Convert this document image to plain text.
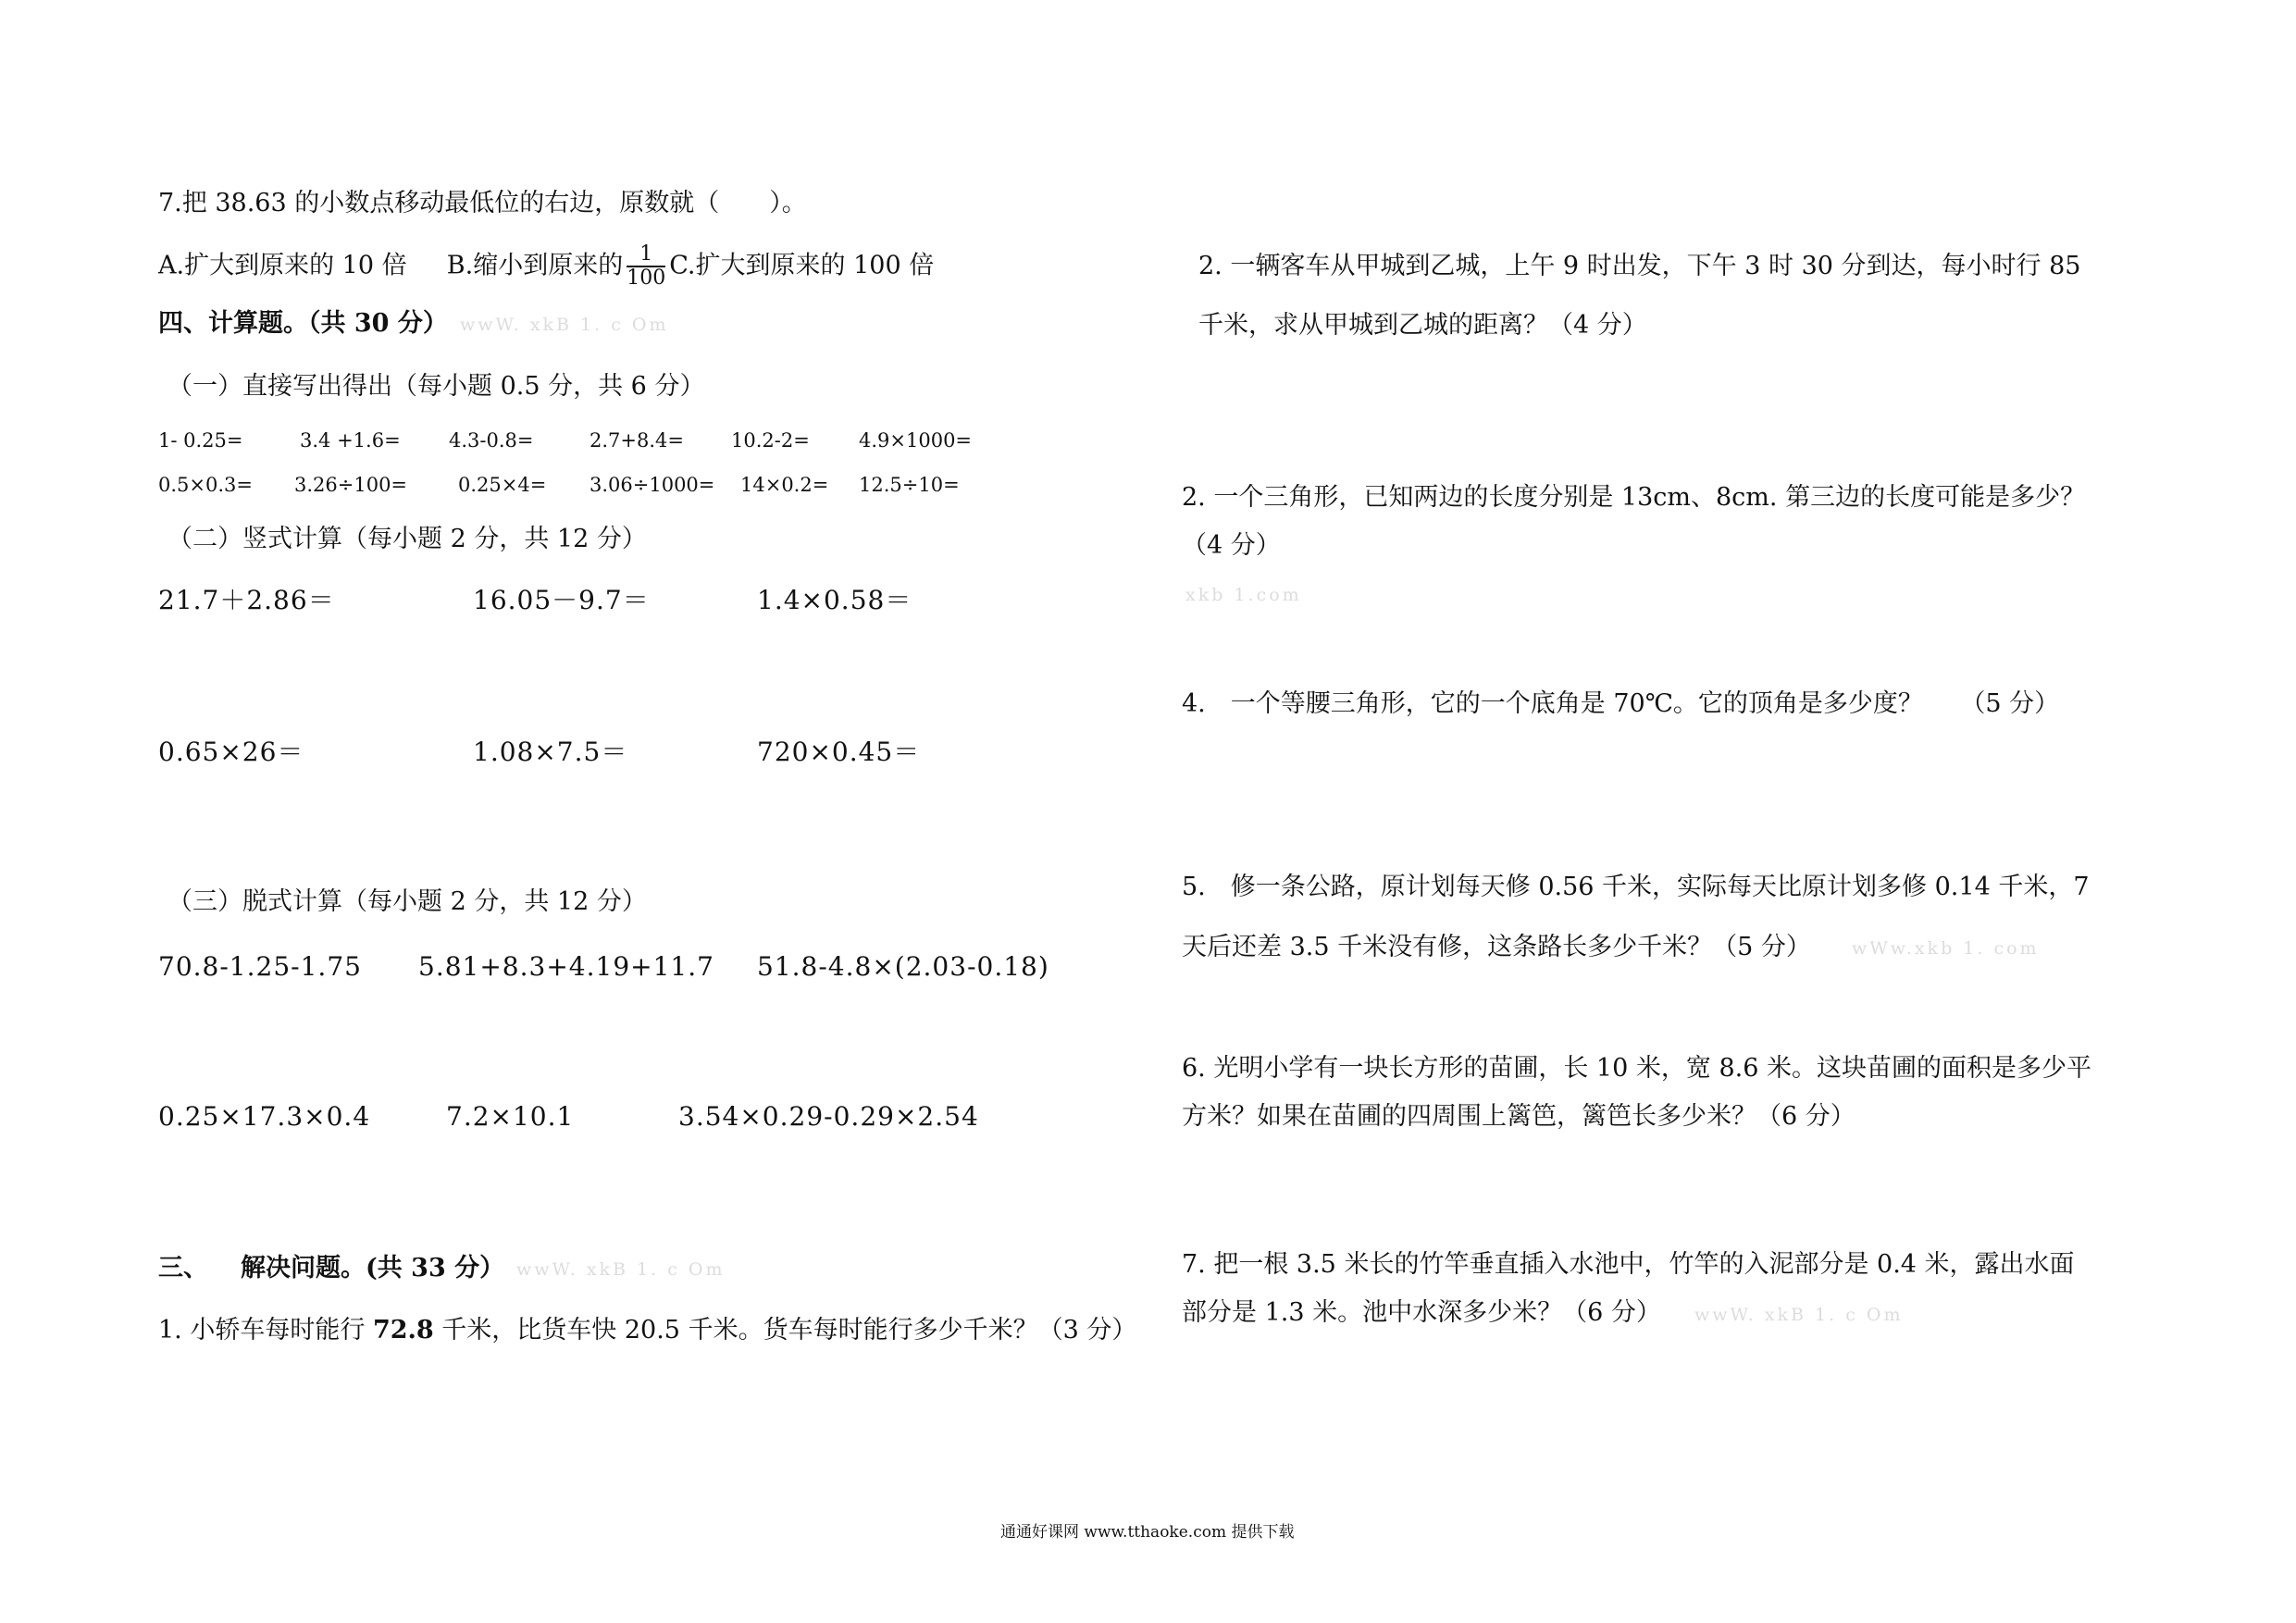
7.把 38.63 的小数点移动最低位的右边，原数就（　　）。
A.扩大到原来的 10 倍 B.缩小到原来的 $\frac{1}{100} C$.扩大到原来的 100 倍
四、计算题。（共 30 分） wwW. xkB 1. c Om
（一）直接写出得出（每小题 0.5 分，共 6 分）
1- 0.25=	3.4 +1.6= 4.3-0.8=	2.7+8.4= 10.2-2=	4.9×1000=
0.5×0.3= 3.26÷100=	0.25×4= 3.06÷1000= 14×0.2= 12.5÷10=
（二）竖式计算（每小题 2 分，共 12 分）
21.7＋2.86＝	16.05－9.7＝	1.4×0.58＝
0.65×26＝	1.08×7.5＝	720×0.45＝
（三）脱式计算（每小题 2 分，共 12 分）
70.8-1.25-1.75 5.81+8.3+4.19+11.7 51.8-4.8×(2.03-0.18)
0.25×17.3×0.4	7.2×10.1	3.54×0.29-0.29×2.54
三、 解决问题。(共 33 分） wwW. xkB 1. c Om
1. 小轿车每时能行 72.8 千米，比货车快 20.5 千米。货车每时能行多少千米？（3 分）
2. 一辆客车从甲城到乙城，上午 9 时出发，下午 3 时 30 分到达，每小时行 85
千米，求从甲城到乙城的距离？（4 分）
2. 一个三角形，已知两边的长度分别是 13cm、8cm. 第三边的长度可能是多少？
（4 分）
xkb 1.com
4.　一个等腰三角形，它的一个底角是 70℃。它的顶角是多少度？　　（5 分）
5.　修一条公路，原计划每天修 0.56 千米，实际每天比原计划多修 0.14 千米，7
天后还差 3.5 千米没有修，这条路长多少千米？（5 分） wWw.xkb 1. com
6. 光明小学有一块长方形的苗圃，长 10 米，宽 8.6 米。这块苗圃的面积是多少平
方米？如果在苗圃的四周围上篱笆，篱笆长多少米？（6 分）
7. 把一根 3.5 米长的竹竿垂直插入水池中，竹竿的入泥部分是 0.4 米，露出水面
部分是 1.3 米。池中水深多少米？（6 分） wwW. xkB 1. c Om
通通好课网 www.tthaoke.com 提供下载
